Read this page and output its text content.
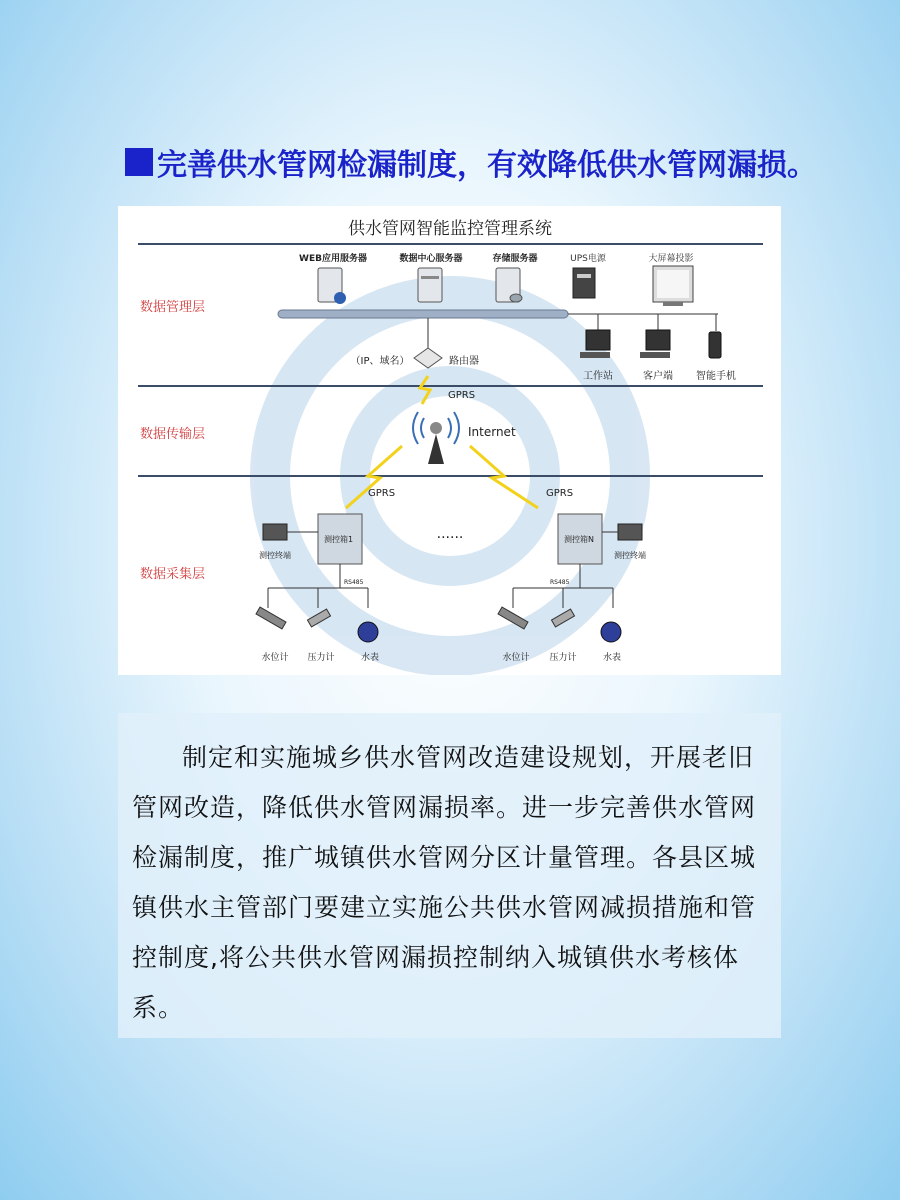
完善供水管网检漏制度，有效降低供水管网漏损。
供水管网智能监控管理系统
数据管理层
数据传输层
数据采集层
WEB应用服务器	数据中心服务器	存储服务器	UPS电源	大屏幕投影
工作站	客户端 智能手机
（IP、域名）	路由器
GPRS
Internet
GPRS	GPRS
测控箱1
测控终端
RS485
······	测控箱N
测控终端
RS485
水位计 压力计	水表	水位计 压力计	水表

制定和实施城乡供水管网改造建设规划，开展老旧管网改造，降低供水管网漏损率。进一步完善供水管网检漏制度，推广城镇供水管网分区计量管理。各县区城镇供水主管部门要建立实施公共供水管网减损措施和管控制度,将公共供水管网漏损控制纳入城镇供水考核体系。
